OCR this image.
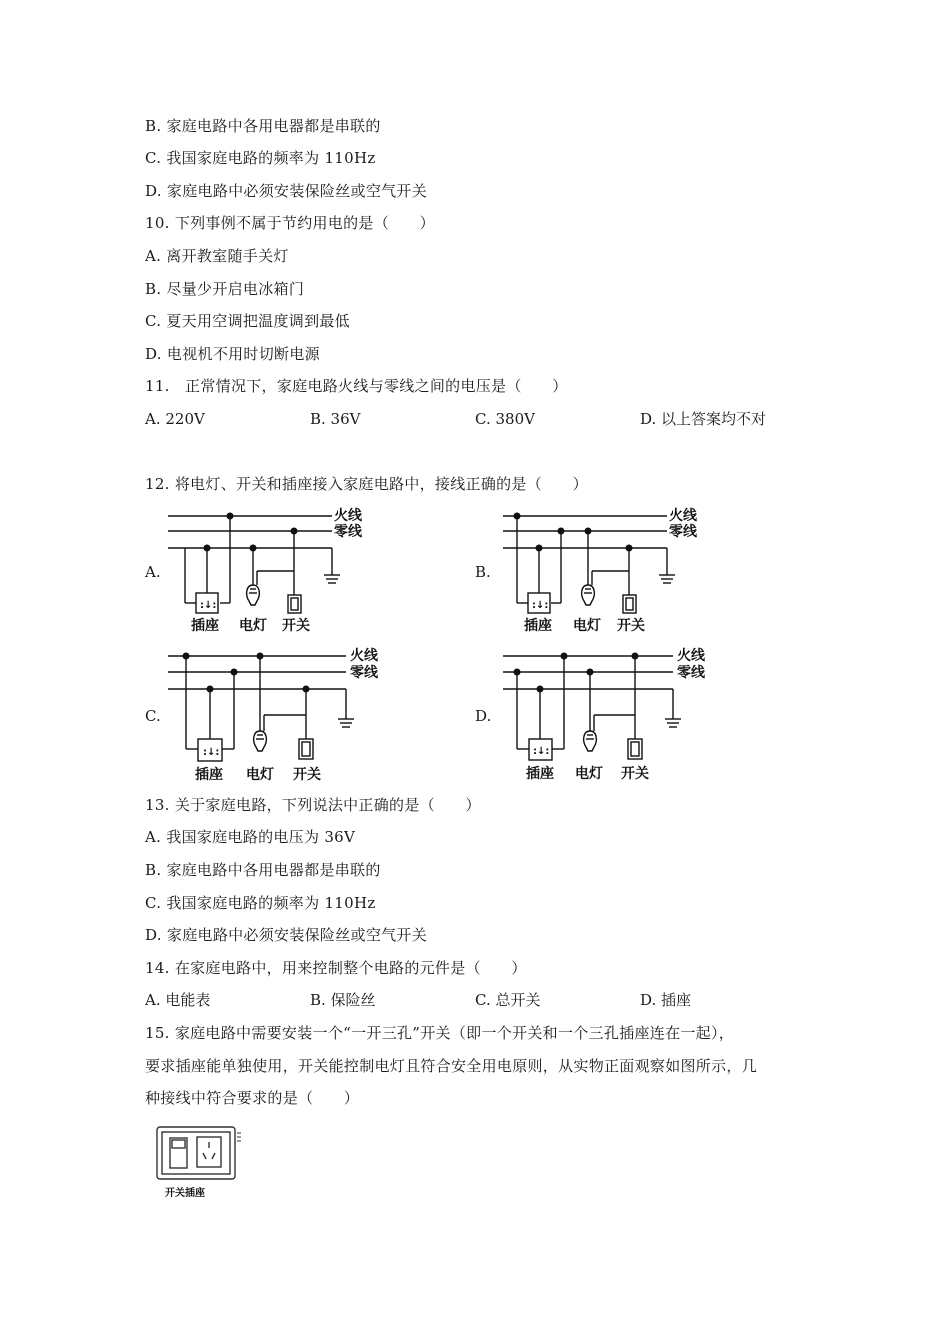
B. 家庭电路中各用电器都是串联的
C. 我国家庭电路的频率为 110Hz
D. 家庭电路中必须安装保险丝或空气开关
10. 下列事例不属于节约用电的是（　　）
A. 离开教室随手关灯
B. 尽量少开启电冰箱门
C. 夏天用空调把温度调到最低
D. 电视机不用时切断电源
11.　正常情况下，家庭电路火线与零线之间的电压是（　　）
A. 220V	B. 36V	C. 380V	D. 以上答案均不对
12. 将电灯、开关和插座接入家庭电路中，接线正确的是（　　）
A.	B.
C.	D.
火线
零线
:↓:
插座 电灯 开关
火线
零线
:↓:
插座 电灯 开关
火线
零线
:↓:
插座 电灯 开关
火线
零线
:↓:
插座 电灯 开关
13. 关于家庭电路，下列说法中正确的是（　　）
A. 我国家庭电路的电压为 36V
B. 家庭电路中各用电器都是串联的
C. 我国家庭电路的频率为 110Hz
D. 家庭电路中必须安装保险丝或空气开关
14. 在家庭电路中，用来控制整个电路的元件是（　　）
A. 电能表	B. 保险丝	C. 总开关	D. 插座
15. 家庭电路中需要安装一个“一开三孔”开关（即一个开关和一个三孔插座连在一起），
要求插座能单独使用，开关能控制电灯且符合安全用电原则，从实物正面观察如图所示，几
种接线中符合要求的是（　　）
开关插座
